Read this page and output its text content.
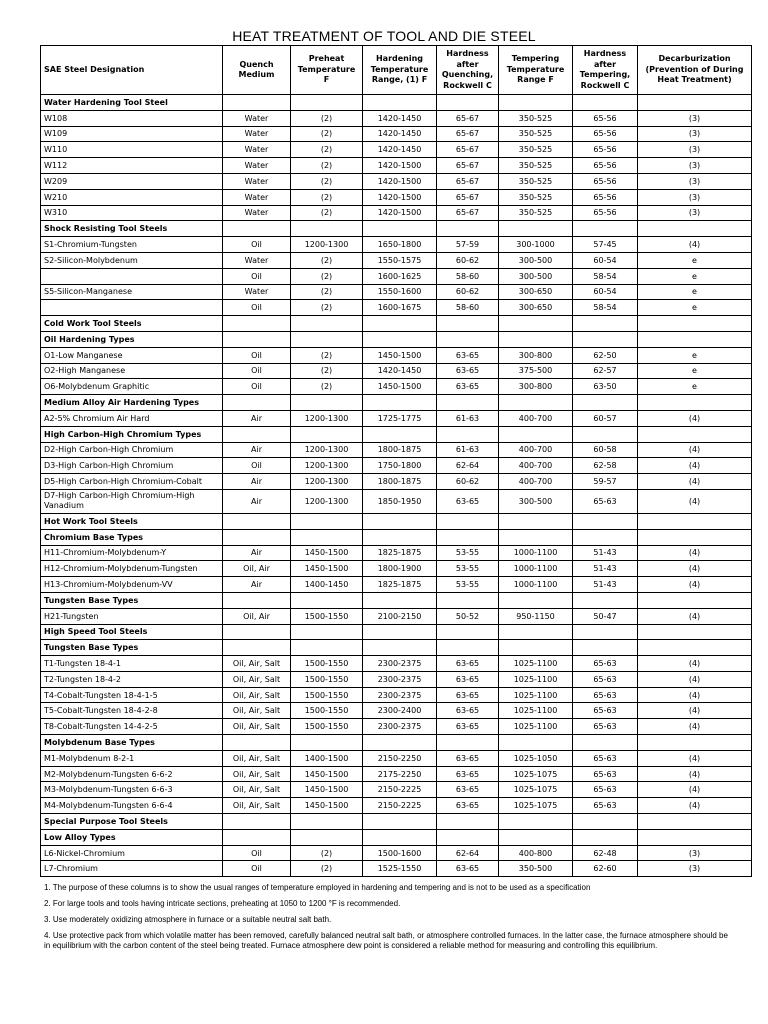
HEAT TREATMENT OF TOOL AND DIE STEEL
SAE Steel Designation	Quench Medium	Preheat Temperature F	Hardening Temperature Range, (1) F	Hardness after Quenching, Rockwell C	Tempering Temperature Range F	Hardness after Tempering, Rockwell C	Decarburization (Prevention of During Heat Treatment)
Water Hardening Tool Steel							
W108	Water	(2)	1420-1450	65-67	350-525	65-56	(3)
W109	Water	(2)	1420-1450	65-67	350-525	65-56	(3)
W110	Water	(2)	1420-1450	65-67	350-525	65-56	(3)
W112	Water	(2)	1420-1500	65-67	350-525	65-56	(3)
W209	Water	(2)	1420-1500	65-67	350-525	65-56	(3)
W210	Water	(2)	1420-1500	65-67	350-525	65-56	(3)
W310	Water	(2)	1420-1500	65-67	350-525	65-56	(3)
Shock Resisting Tool Steels							
S1-Chromium-Tungsten	Oil	1200-1300	1650-1800	57-59	300-1000	57-45	(4)
S2-Silicon-Molybdenum	Water	(2)	1550-1575	60-62	300-500	60-54	e
	Oil	(2)	1600-1625	58-60	300-500	58-54	e
S5-Silicon-Manganese	Water	(2)	1550-1600	60-62	300-650	60-54	e
	Oil	(2)	1600-1675	58-60	300-650	58-54	e
Cold Work Tool Steels							
Oil Hardening Types							
O1-Low Manganese	Oil	(2)	1450-1500	63-65	300-800	62-50	e
O2-High Manganese	Oil	(2)	1420-1450	63-65	375-500	62-57	e
O6-Molybdenum Graphitic	Oil	(2)	1450-1500	63-65	300-800	63-50	e
Medium Alloy Air Hardening Types							
A2-5% Chromium Air Hard	Air	1200-1300	1725-1775	61-63	400-700	60-57	(4)
High Carbon-High Chromium Types							
D2-High Carbon-High Chromium	Air	1200-1300	1800-1875	61-63	400-700	60-58	(4)
D3-High Carbon-High Chromium	Oil	1200-1300	1750-1800	62-64	400-700	62-58	(4)
D5-High Carbon-High Chromium-Cobalt	Air	1200-1300	1800-1875	60-62	400-700	59-57	(4)
D7-High Carbon-High Chromium-High Vanadium	Air	1200-1300	1850-1950	63-65	300-500	65-63	(4)
Hot Work Tool Steels							
Chromium Base Types							
H11-Chromium-Molybdenum-Y	Air	1450-1500	1825-1875	53-55	1000-1100	51-43	(4)
H12-Chromium-Molybdenum-Tungsten	Oil, Air	1450-1500	1800-1900	53-55	1000-1100	51-43	(4)
H13-Chromium-Molybdenum-VV	Air	1400-1450	1825-1875	53-55	1000-1100	51-43	(4)
Tungsten Base Types							
H21-Tungsten	Oil, Air	1500-1550	2100-2150	50-52	950-1150	50-47	(4)
High Speed Tool Steels							
Tungsten Base Types							
T1-Tungsten 18-4-1	Oil, Air, Salt	1500-1550	2300-2375	63-65	1025-1100	65-63	(4)
T2-Tungsten 18-4-2	Oil, Air, Salt	1500-1550	2300-2375	63-65	1025-1100	65-63	(4)
T4-Cobalt-Tungsten 18-4-1-5	Oil, Air, Salt	1500-1550	2300-2375	63-65	1025-1100	65-63	(4)
T5-Cobalt-Tungsten 18-4-2-8	Oil, Air, Salt	1500-1550	2300-2400	63-65	1025-1100	65-63	(4)
T8-Cobalt-Tungsten 14-4-2-5	Oil, Air, Salt	1500-1550	2300-2375	63-65	1025-1100	65-63	(4)
Molybdenum Base Types							
M1-Molybdenum 8-2-1	Oil, Air, Salt	1400-1500	2150-2250	63-65	1025-1050	65-63	(4)
M2-Molybdenum-Tungsten 6-6-2	Oil, Air, Salt	1450-1500	2175-2250	63-65	1025-1075	65-63	(4)
M3-Molybdenum-Tungsten 6-6-3	Oil, Air, Salt	1450-1500	2150-2225	63-65	1025-1075	65-63	(4)
M4-Molybdenum-Tungsten 6-6-4	Oil, Air, Salt	1450-1500	2150-2225	63-65	1025-1075	65-63	(4)
Special Purpose Tool Steels							
Low Alloy Types							
L6-Nickel-Chromium	Oil	(2)	1500-1600	62-64	400-800	62-48	(3)
L7-Chromium	Oil	(2)	1525-1550	63-65	350-500	62-60	(3)

1. The purpose of these columns is to show the usual ranges of temperature employed in hardening and tempering and is not to be used as a specification

2. For large tools and tools having intricate sections, preheating at 1050 to 1200 °F is recommended.

3. Use moderately oxidizing atmosphere in furnace or a suitable neutral salt bath.

4. Use protective pack from which volatile matter has been removed, carefully balanced neutral salt bath, or atmosphere controlled furnaces. In the latter case, the furnace atmosphere should be in equilibrium with the carbon content of the steel being treated. Furnace atmosphere dew point is considered a reliable method for measuring and controlling this equilibrium.
